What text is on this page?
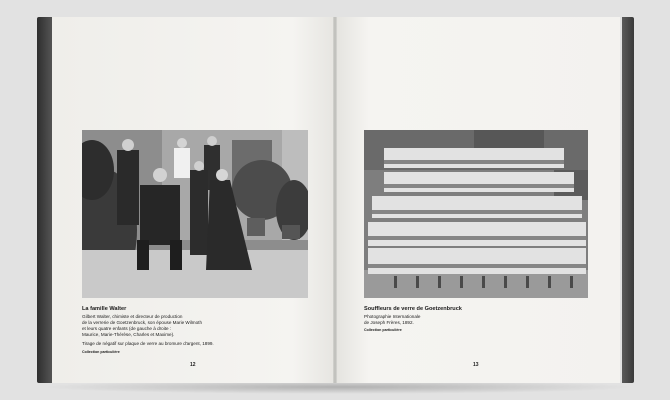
La famille Walter
Gilbert Walter, chimiste et directeur de production
de la verrerie de Goetzenbruck, son épouse Marie Wilmoth
et leurs quatre enfants (de gauche à droite :
Maurice, Marie-Thérèse, Charles et Maxime).
Tirage de négatif sur plaque de verre au bromure d'argent, 1899.
Collection particulière
12
Souffleurs de verre de Goetzenbruck
Photographie Internationale
de Joseph Frères, 1892.
Collection particulière
13
